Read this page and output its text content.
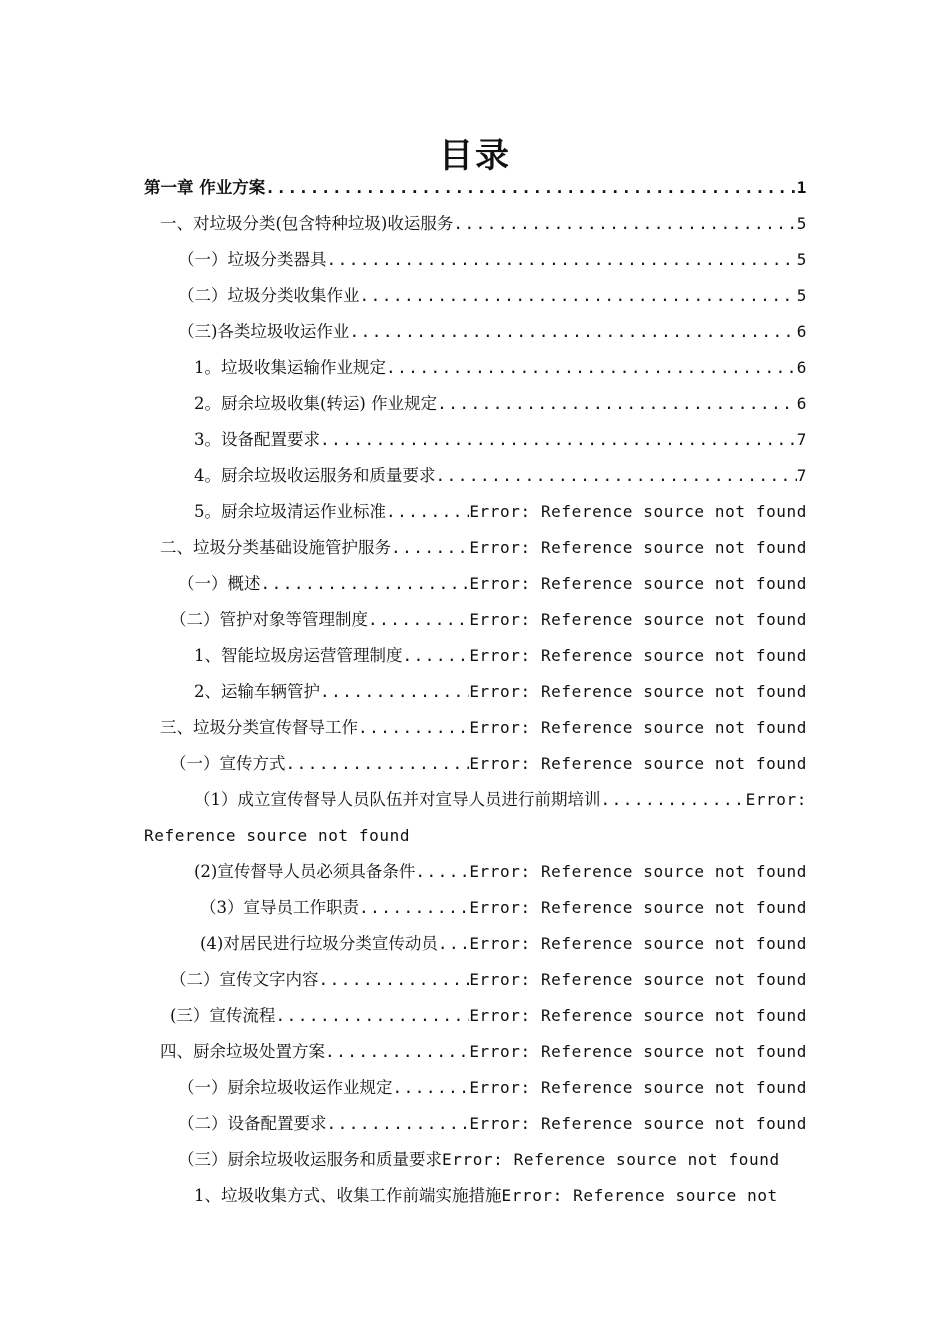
目录
第一章 作业方案 .....	1
一、对垃圾分类(包含特种垃圾)收运服务 .....	5
（一）垃圾分类器具 .....	5
（二）垃圾分类收集作业 .....	5
（三)各类垃圾收运作业 .....	6
1。垃圾收集运输作业规定 .....	6
2。厨余垃圾收集(转运) 作业规定 .....	6
3。设备配置要求 .....	7
4。厨余垃圾收运服务和质量要求 .....	7
5。厨余垃圾清运作业标准 .....	Error: Reference source not found
二、垃圾分类基础设施管护服务 .....	Error: Reference source not found
（一）概述 .....	Error: Reference source not found
（二）管护对象等管理制度 .....	Error: Reference source not found
1、智能垃圾房运营管理制度 .....	Error: Reference source not found
2、运输车辆管护 .....	Error: Reference source not found
三、垃圾分类宣传督导工作 .....	Error: Reference source not found
（一）宣传方式 .....	Error: Reference source not found
（1）成立宣传督导人员队伍并对宣导人员进行前期培训 .....	Error:
Reference source not found
(2)宣传督导人员必须具备条件 .....	Error: Reference source not found
（3）宣导员工作职责 .....	Error: Reference source not found
(4)对居民进行垃圾分类宣传动员 ..... Error: Reference source not found
（二）宣传文字内容 .....	Error: Reference source not found
(三）宣传流程 .....	Error: Reference source not found
四、厨余垃圾处置方案 .....	Error: Reference source not found
（一）厨余垃圾收运作业规定 .....	Error: Reference source not found
（二）设备配置要求 .....	Error: Reference source not found
（三）厨余垃圾收运服务和质量要求 Error: Reference source not found
1、垃圾收集方式、收集工作前端实施措施 Error: Reference source not
